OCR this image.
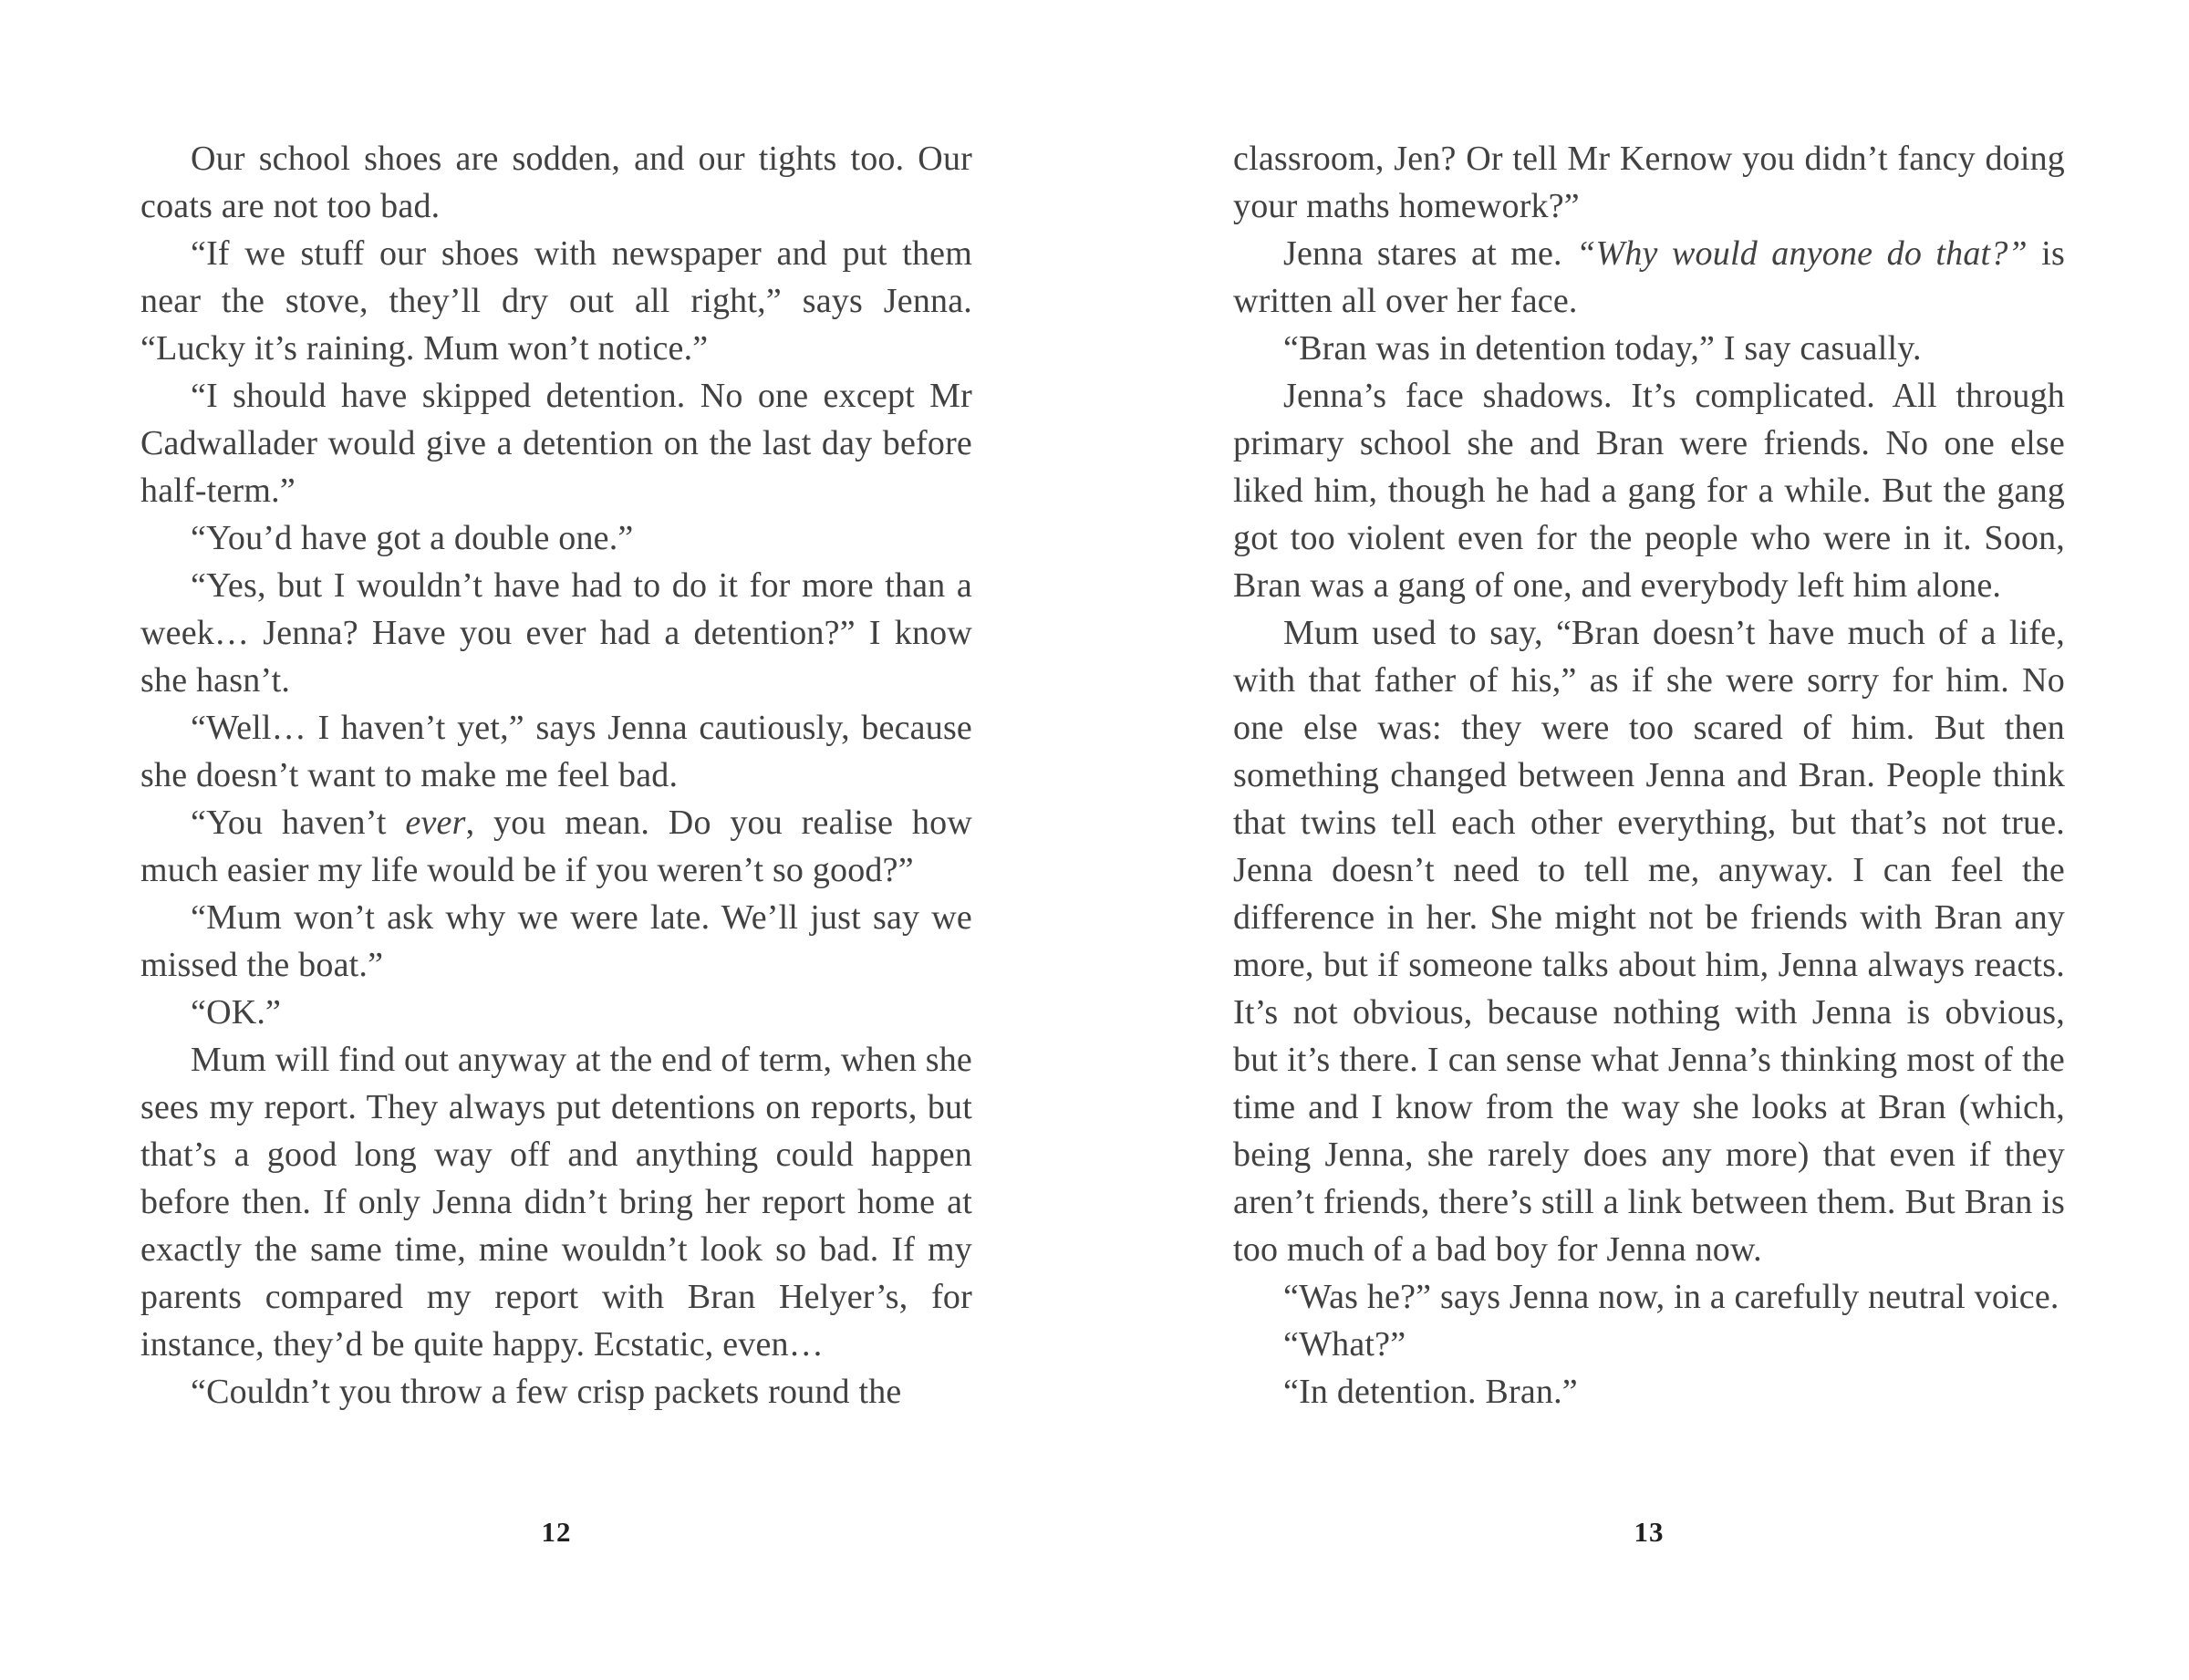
Our school shoes are sodden, and our tights too. Our coats are not too bad.

“If we stuff our shoes with newspaper and put them near the stove, they’ll dry out all right,” says Jenna. “Lucky it’s raining. Mum won’t notice.”

“I should have skipped detention. No one except Mr Cadwallader would give a detention on the last day before half-term.”

“You’d have got a double one.”

“Yes, but I wouldn’t have had to do it for more than a week… Jenna? Have you ever had a detention?” I know she hasn’t.

“Well… I haven’t yet,” says Jenna cautiously, because she doesn’t want to make me feel bad.

“You haven’t ever, you mean. Do you realise how much easier my life would be if you weren’t so good?”

“Mum won’t ask why we were late. We’ll just say we missed the boat.”

“OK.”

Mum will find out anyway at the end of term, when she sees my report. They always put detentions on reports, but that’s a good long way off and anything could happen before then. If only Jenna didn’t bring her report home at exactly the same time, mine wouldn’t look so bad. If my parents compared my report with Bran Helyer’s, for instance, they’d be quite happy. Ecstatic, even…

“Couldn’t you throw a few crisp packets round the

12

classroom, Jen? Or tell Mr Kernow you didn’t fancy doing your maths homework?”

Jenna stares at me. “Why would anyone do that?” is written all over her face.

“Bran was in detention today,” I say casually.

Jenna’s face shadows. It’s complicated. All through primary school she and Bran were friends. No one else liked him, though he had a gang for a while. But the gang got too violent even for the people who were in it. Soon, Bran was a gang of one, and everybody left him alone.

Mum used to say, “Bran doesn’t have much of a life, with that father of his,” as if she were sorry for him. No one else was: they were too scared of him. But then something changed between Jenna and Bran. People think that twins tell each other everything, but that’s not true. Jenna doesn’t need to tell me, anyway. I can feel the difference in her. She might not be friends with Bran any more, but if someone talks about him, Jenna always reacts. It’s not obvious, because nothing with Jenna is obvious, but it’s there. I can sense what Jenna’s thinking most of the time and I know from the way she looks at Bran (which, being Jenna, she rarely does any more) that even if they aren’t friends, there’s still a link between them. But Bran is too much of a bad boy for Jenna now.

“Was he?” says Jenna now, in a carefully neutral voice.

“What?”

“In detention. Bran.”

13
